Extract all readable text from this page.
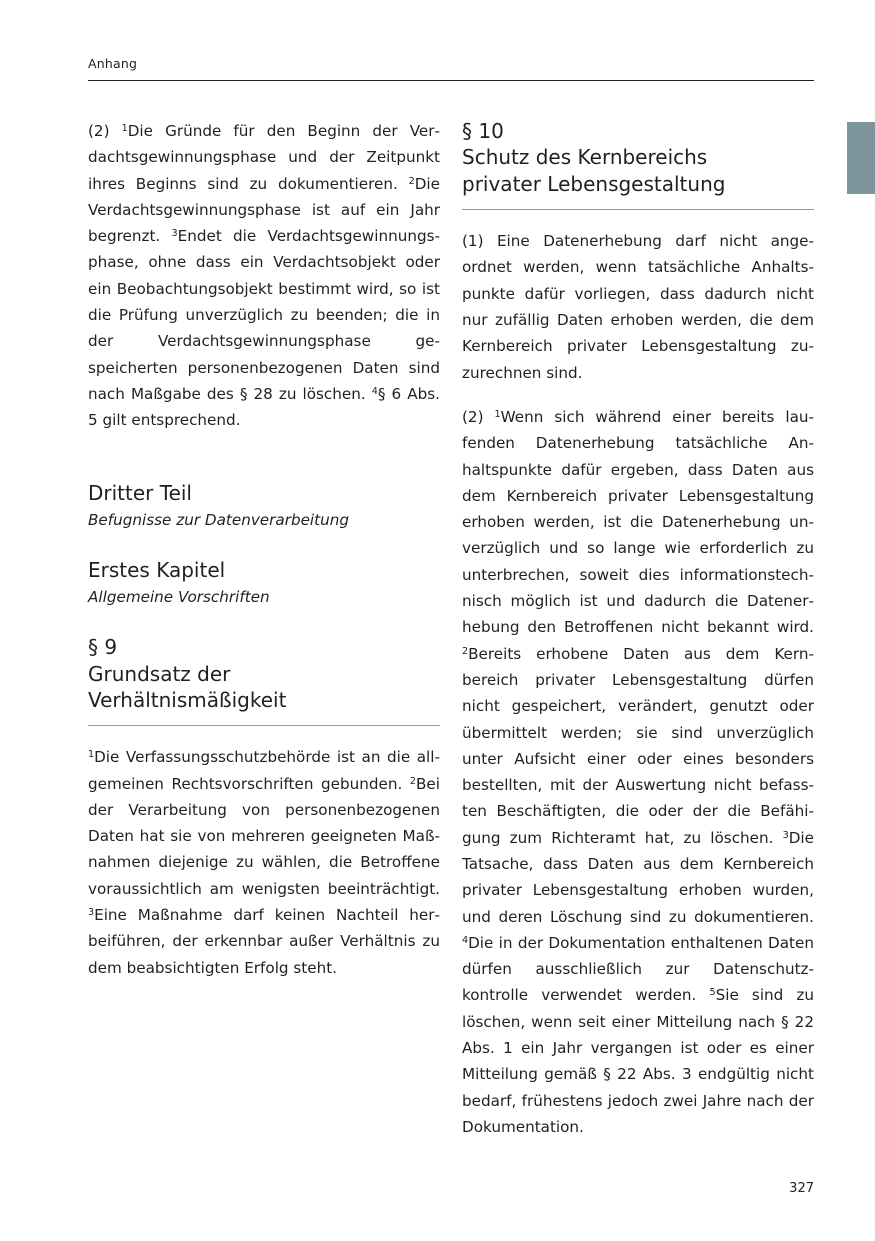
Anhang

(2) $^1$Die Gründe für den Beginn der Verdachtsgewinnungsphase und der Zeitpunkt ihres Beginns sind zu dokumentieren. $^2$Die Verdachtsgewinnungsphase ist auf ein Jahr begrenzt. $^3$Endet die Verdachtsgewinnungsphase, ohne dass ein Verdachtsobjekt oder ein Beobachtungsobjekt bestimmt wird, so ist die Prüfung unverzüglich zu beenden; die in der Verdachtsgewinnungsphase gespeicherten personenbezogenen Daten sind nach Maßgabe des § 28 zu löschen. $^4$§ 6 Abs. 5 gilt entsprechend.

Dritter Teil

Befugnisse zur Datenverarbeitung

Erstes Kapitel

Allgemeine Vorschriften

§ 9
Grundsatz der
Verhältnismäßigkeit

$^1$Die Verfassungsschutzbehörde ist an die allgemeinen Rechtsvorschriften gebunden. $^2$Bei der Verarbeitung von personenbezogenen Daten hat sie von mehreren geeigneten Maßnahmen diejenige zu wählen, die Betroffene voraussichtlich am wenigsten beeinträchtigt. $^3$Eine Maßnahme darf keinen Nachteil herbeiführen, der erkennbar außer Verhältnis zu dem beabsichtigten Erfolg steht.

§ 10
Schutz des Kernbereichs
privater Lebensgestaltung

(1) Eine Datenerhebung darf nicht angeordnet werden, wenn tatsächliche Anhaltspunkte dafür vorliegen, dass dadurch nicht nur zufällig Daten erhoben werden, die dem Kernbereich privater Lebensgestaltung zuzurechnen sind.

(2) $^1$Wenn sich während einer bereits laufenden Datenerhebung tatsächliche Anhaltspunkte dafür ergeben, dass Daten aus dem Kernbereich privater Lebensgestaltung erhoben werden, ist die Datenerhebung unverzüglich und so lange wie erforderlich zu unterbrechen, soweit dies informationstechnisch möglich ist und dadurch die Datenerhebung den Betroffenen nicht bekannt wird. $^2$Bereits erhobene Daten aus dem Kernbereich privater Lebensgestaltung dürfen nicht gespeichert, verändert, genutzt oder übermittelt werden; sie sind unverzüglich unter Aufsicht einer oder eines besonders bestellten, mit der Auswertung nicht befassten Beschäftigten, die oder der die Befähigung zum Richteramt hat, zu löschen. $^3$Die Tatsache, dass Daten aus dem Kernbereich privater Lebensgestaltung erhoben wurden, und deren Löschung sind zu dokumentieren. $^4$Die in der Dokumentation enthaltenen Daten dürfen ausschließlich zur Datenschutzkontrolle verwendet werden. $^5$Sie sind zu löschen, wenn seit einer Mitteilung nach § 22 Abs. 1 ein Jahr vergangen ist oder es einer Mitteilung gemäß § 22 Abs. 3 endgültig nicht bedarf, frühestens jedoch zwei Jahre nach der Dokumentation.

327
